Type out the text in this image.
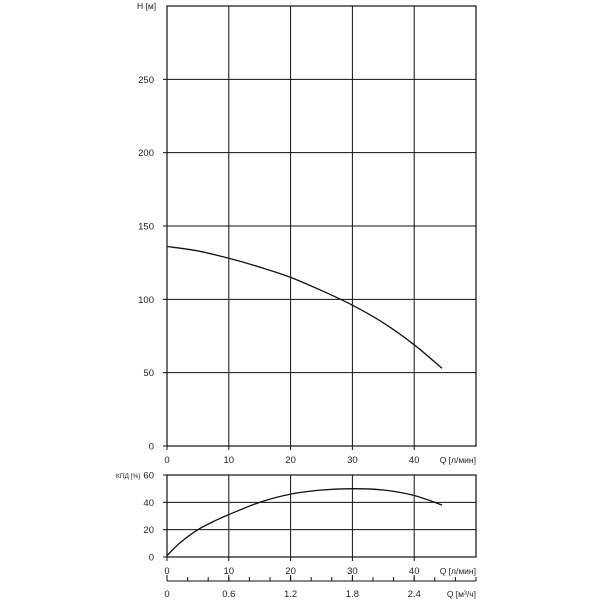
0
50
100
150
200
250
0	10	20	30	40 Q [л/мин]
H [м]
0
20
40
60
0	10	20	30	40 Q [л/мин]
КПД [%]
0	0.6	1.2	1.8	2.4	Q [м³/ч]
